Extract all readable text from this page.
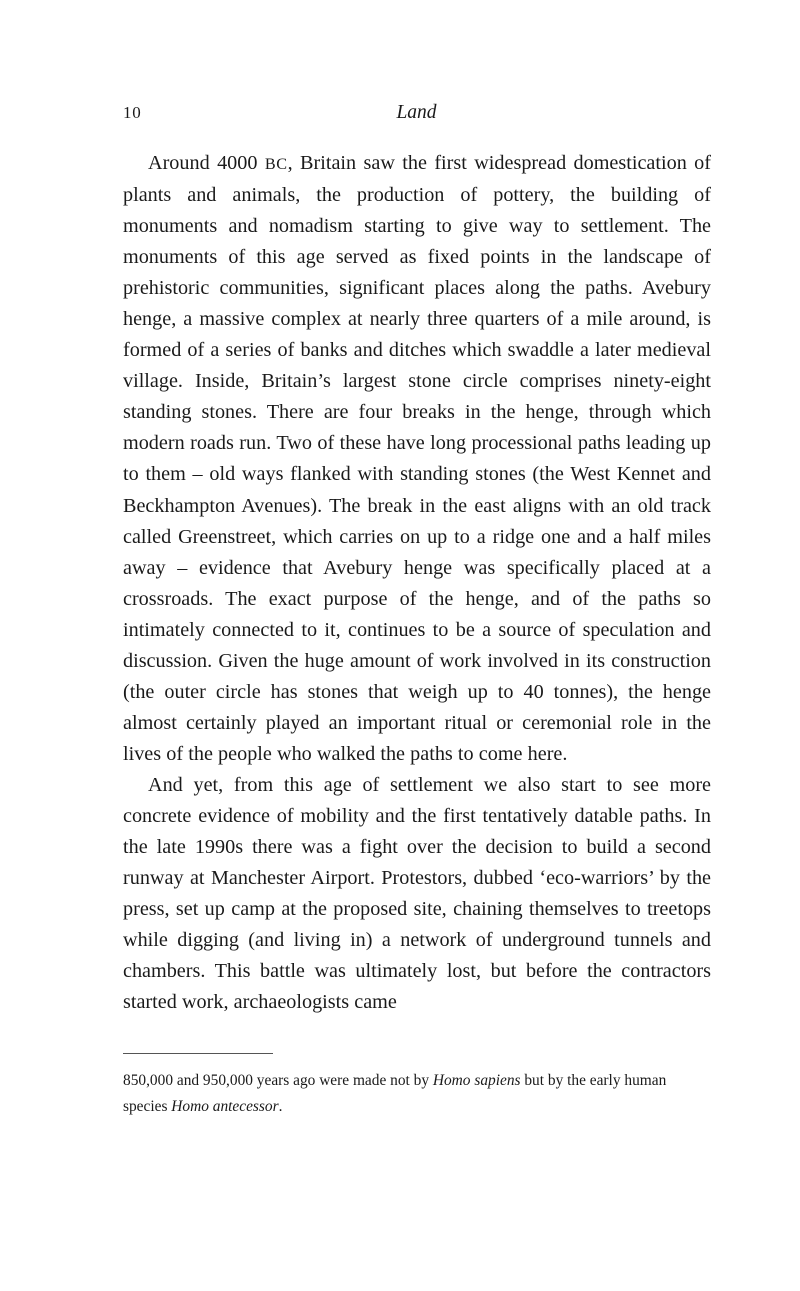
10	Land

Around 4000 BC, Britain saw the first widespread domestication of plants and animals, the production of pottery, the building of monuments and nomadism starting to give way to settlement. The monuments of this age served as fixed points in the landscape of prehistoric communities, significant places along the paths. Avebury henge, a massive complex at nearly three quarters of a mile around, is formed of a series of banks and ditches which swaddle a later medieval village. Inside, Britain’s largest stone circle comprises ninety-eight standing stones. There are four breaks in the henge, through which modern roads run. Two of these have long processional paths leading up to them – old ways flanked with standing stones (the West Kennet and Beckhampton Avenues). The break in the east aligns with an old track called Greenstreet, which carries on up to a ridge one and a half miles away – evidence that Avebury henge was specifically placed at a crossroads. The exact purpose of the henge, and of the paths so intimately connected to it, continues to be a source of speculation and discussion. Given the huge amount of work involved in its construction (the outer circle has stones that weigh up to 40 tonnes), the henge almost certainly played an important ritual or ceremonial role in the lives of the people who walked the paths to come here.

And yet, from this age of settlement we also start to see more concrete evidence of mobility and the first tentatively datable paths. In the late 1990s there was a fight over the decision to build a second runway at Manchester Airport. Protestors, dubbed ‘eco-warriors’ by the press, set up camp at the proposed site, chaining themselves to treetops while digging (and living in) a network of underground tunnels and chambers. This battle was ultimately lost, but before the contractors started work, archaeologists came

850,000 and 950,000 years ago were made not by Homo sapiens but by the early human species Homo antecessor.
